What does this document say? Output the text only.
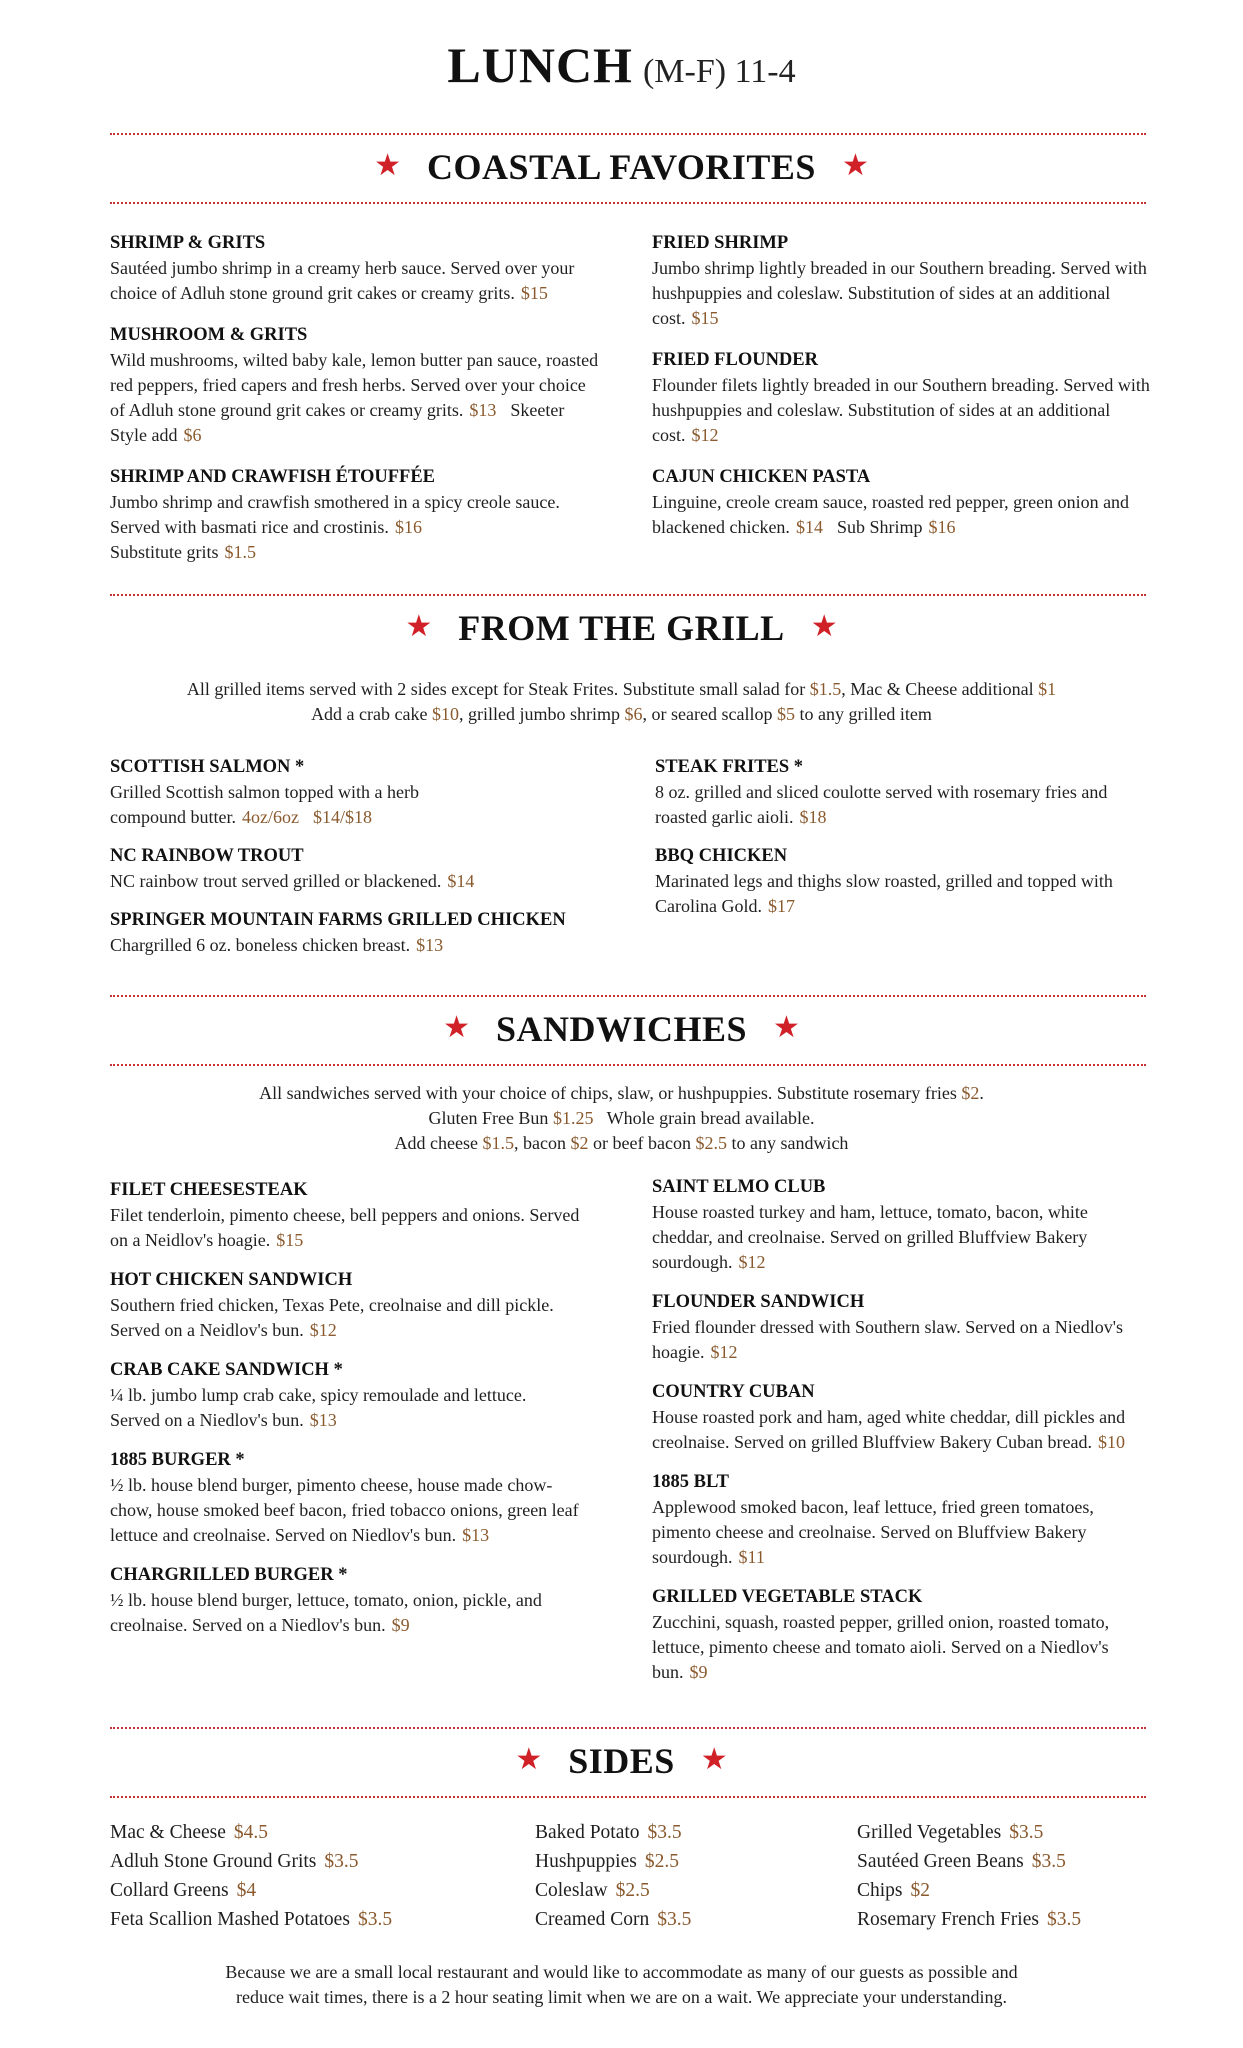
LUNCH (M-F) 11-4
★ COASTAL FAVORITES ★
SHRIMP & GRITS
Sautéed jumbo shrimp in a creamy herb sauce. Served over your choice of Adluh stone ground grit cakes or creamy grits. $15
MUSHROOM & GRITS
Wild mushrooms, wilted baby kale, lemon butter pan sauce, roasted red peppers, fried capers and fresh herbs. Served over your choice of Adluh stone ground grit cakes or creamy grits. $13 Skeeter Style add $6
SHRIMP AND CRAWFISH ÉTOUFFÉE
Jumbo shrimp and crawfish smothered in a spicy creole sauce. Served with basmati rice and crostinis. $16
Substitute grits $1.5
FRIED SHRIMP
Jumbo shrimp lightly breaded in our Southern breading. Served with hushpuppies and coleslaw. Substitution of sides at an additional cost. $15
FRIED FLOUNDER
Flounder filets lightly breaded in our Southern breading. Served with hushpuppies and coleslaw. Substitution of sides at an additional cost. $12
CAJUN CHICKEN PASTA
Linguine, creole cream sauce, roasted red pepper, green onion and blackened chicken. $14 Sub Shrimp $16
★ FROM THE GRILL ★
All grilled items served with 2 sides except for Steak Frites. Substitute small salad for $1.5, Mac & Cheese additional $1
Add a crab cake $10, grilled jumbo shrimp $6, or seared scallop $5 to any grilled item
SCOTTISH SALMON *
Grilled Scottish salmon topped with a herb compound butter. 4oz/6oz $14/$18
NC RAINBOW TROUT
NC rainbow trout served grilled or blackened. $14
SPRINGER MOUNTAIN FARMS GRILLED CHICKEN
Chargrilled 6 oz. boneless chicken breast. $13
STEAK FRITES *
8 oz. grilled and sliced coulotte served with rosemary fries and roasted garlic aioli. $18
BBQ CHICKEN
Marinated legs and thighs slow roasted, grilled and topped with Carolina Gold. $17
★ SANDWICHES ★
All sandwiches served with your choice of chips, slaw, or hushpuppies. Substitute rosemary fries $2.
Gluten Free Bun $1.25 Whole grain bread available.
Add cheese $1.5, bacon $2 or beef bacon $2.5 to any sandwich
FILET CHEESESTEAK
Filet tenderloin, pimento cheese, bell peppers and onions. Served on a Neidlov's hoagie. $15
HOT CHICKEN SANDWICH
Southern fried chicken, Texas Pete, creolnaise and dill pickle. Served on a Neidlov's bun. $12
CRAB CAKE SANDWICH *
¼ lb. jumbo lump crab cake, spicy remoulade and lettuce. Served on a Niedlov's bun. $13
1885 BURGER *
½ lb. house blend burger, pimento cheese, house made chow-chow, house smoked beef bacon, fried tobacco onions, green leaf lettuce and creolnaise. Served on Niedlov's bun. $13
CHARGRILLED BURGER *
½ lb. house blend burger, lettuce, tomato, onion, pickle, and creolnaise. Served on a Niedlov's bun. $9
SAINT ELMO CLUB
House roasted turkey and ham, lettuce, tomato, bacon, white cheddar, and creolnaise. Served on grilled Bluffview Bakery sourdough. $12
FLOUNDER SANDWICH
Fried flounder dressed with Southern slaw. Served on a Niedlov's hoagie. $12
COUNTRY CUBAN
House roasted pork and ham, aged white cheddar, dill pickles and creolnaise. Served on grilled Bluffview Bakery Cuban bread. $10
1885 BLT
Applewood smoked bacon, leaf lettuce, fried green tomatoes, pimento cheese and creolnaise. Served on Bluffview Bakery sourdough. $11
GRILLED VEGETABLE STACK
Zucchini, squash, roasted pepper, grilled onion, roasted tomato, lettuce, pimento cheese and tomato aioli. Served on a Niedlov's bun. $9
★ SIDES ★
Mac & Cheese $4.5
Adluh Stone Ground Grits $3.5
Collard Greens $4
Feta Scallion Mashed Potatoes $3.5
Baked Potato $3.5
Hushpuppies $2.5
Coleslaw $2.5
Creamed Corn $3.5
Grilled Vegetables $3.5
Sautéed Green Beans $3.5
Chips $2
Rosemary French Fries $3.5
Because we are a small local restaurant and would like to accommodate as many of our guests as possible and
reduce wait times, there is a 2 hour seating limit when we are on a wait. We appreciate your understanding.
